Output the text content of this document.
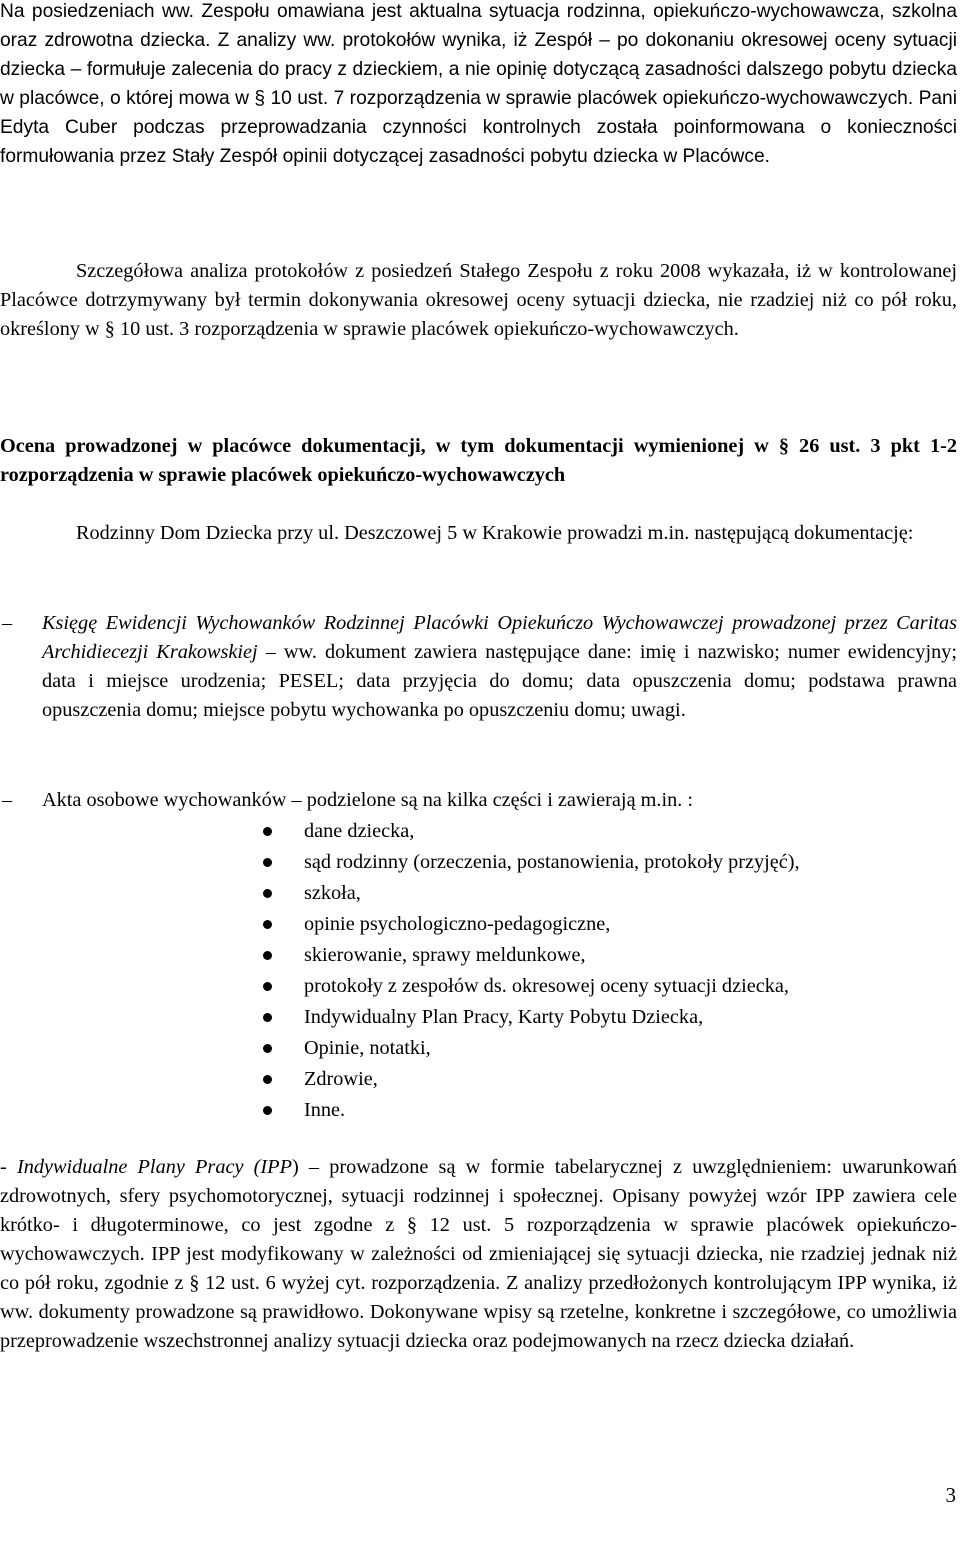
Na posiedzeniach ww. Zespołu omawiana jest aktualna sytuacja rodzinna, opiekuńczo-wychowawcza, szkolna oraz zdrowotna dziecka. Z analizy ww. protokołów wynika, iż Zespół – po dokonaniu okresowej oceny sytuacji dziecka – formułuje zalecenia do pracy z dzieckiem, a nie opinię dotyczącą zasadności dalszego pobytu dziecka w placówce, o której mowa w § 10 ust. 7 rozporządzenia w sprawie placówek opiekuńczo-wychowawczych. Pani Edyta Cuber podczas przeprowadzania czynności kontrolnych została poinformowana o konieczności formułowania przez Stały Zespół opinii dotyczącej zasadności pobytu dziecka w Placówce.

Szczegółowa analiza protokołów z posiedzeń Stałego Zespołu z roku 2008 wykazała, iż w kontrolowanej Placówce dotrzymywany był termin dokonywania okresowej oceny sytuacji dziecka, nie rzadziej niż co pół roku, określony w § 10 ust. 3 rozporządzenia w sprawie placówek opiekuńczo-wychowawczych.

Ocena prowadzonej w placówce dokumentacji, w tym dokumentacji wymienionej w § 26 ust. 3 pkt 1-2 rozporządzenia w sprawie placówek opiekuńczo-wychowawczych

Rodzinny Dom Dziecka przy ul. Deszczowej 5 w Krakowie prowadzi m.in. następującą dokumentację:

–	Księgę Ewidencji Wychowanków Rodzinnej Placówki Opiekuńczo Wychowawczej prowadzonej przez Caritas Archidiecezji Krakowskiej – ww. dokument zawiera następujące dane: imię i nazwisko; numer ewidencyjny; data i miejsce urodzenia; PESEL; data przyjęcia do domu; data opuszczenia domu; podstawa prawna opuszczenia domu; miejsce pobytu wychowanka po opuszczeniu domu; uwagi.
–	Akta osobowe wychowanków – podzielone są na kilka części i zawierają m.in. :
dane dziecka,
sąd rodzinny (orzeczenia, postanowienia, protokoły przyjęć),
szkoła,
opinie psychologiczno-pedagogiczne,
skierowanie, sprawy meldunkowe,
protokoły z zespołów ds. okresowej oceny sytuacji dziecka,
Indywidualny Plan Pracy, Karty Pobytu Dziecka,
Opinie, notatki,
Zdrowie,
Inne.

- Indywidualne Plany Pracy (IPP) – prowadzone są w formie tabelarycznej z uwzględnieniem: uwarunkowań zdrowotnych, sfery psychomotorycznej, sytuacji rodzinnej i społecznej. Opisany powyżej wzór IPP zawiera cele krótko- i długoterminowe, co jest zgodne z § 12 ust. 5 rozporządzenia w sprawie placówek opiekuńczo-wychowawczych. IPP jest modyfikowany w zależności od zmieniającej się sytuacji dziecka, nie rzadziej jednak niż co pół roku, zgodnie z § 12 ust. 6 wyżej cyt. rozporządzenia. Z analizy przedłożonych kontrolującym IPP wynika, iż ww. dokumenty prowadzone są prawidłowo. Dokonywane wpisy są rzetelne, konkretne i szczegółowe, co umożliwia przeprowadzenie wszechstronnej analizy sytuacji dziecka oraz podejmowanych na rzecz dziecka działań.

3
